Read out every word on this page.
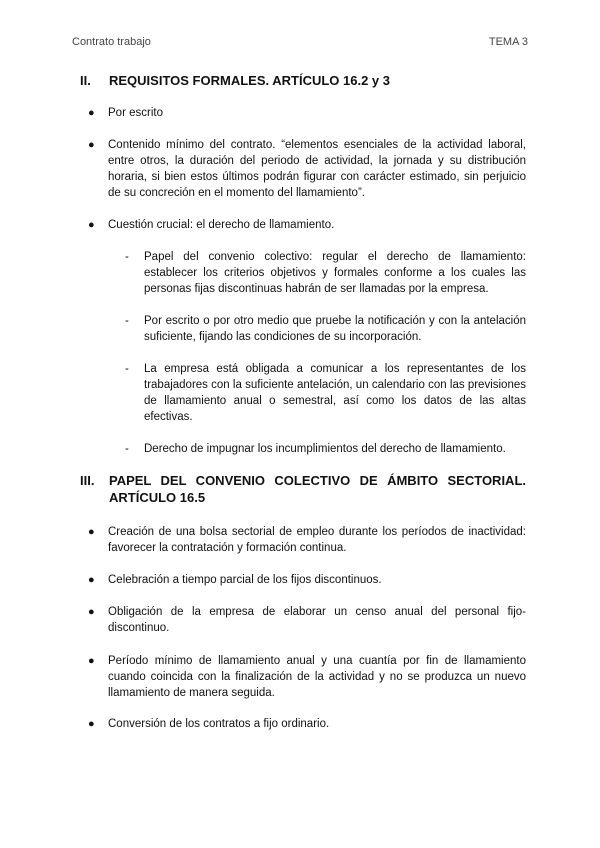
Contrato trabajo	TEMA 3
II. REQUISITOS FORMALES. ARTÍCULO 16.2 y 3
● Por escrito
● Contenido mínimo del contrato. “elementos esenciales de la actividad laboral, entre otros, la duración del periodo de actividad, la jornada y su distribución horaria, si bien estos últimos podrán figurar con carácter estimado, sin perjuicio de su concreción en el momento del llamamiento”.
● Cuestión crucial: el derecho de llamamiento.
- Papel del convenio colectivo: regular el derecho de llamamiento: establecer los criterios objetivos y formales conforme a los cuales las personas fijas discontinuas habrán de ser llamadas por la empresa.
- Por escrito o por otro medio que pruebe la notificación y con la antelación suficiente, fijando las condiciones de su incorporación.
- La empresa está obligada a comunicar a los representantes de los trabajadores con la suficiente antelación, un calendario con las previsiones de llamamiento anual o semestral, así como los datos de las altas efectivas.
- Derecho de impugnar los incumplimientos del derecho de llamamiento.
III. PAPEL DEL CONVENIO COLECTIVO DE ÁMBITO SECTORIAL. ARTÍCULO 16.5
● Creación de una bolsa sectorial de empleo durante los períodos de inactividad: favorecer la contratación y formación continua.
● Celebración a tiempo parcial de los fijos discontinuos.
● Obligación de la empresa de elaborar un censo anual del personal fijo-discontinuo.
● Período mínimo de llamamiento anual y una cuantía por fin de llamamiento cuando coincida con la finalización de la actividad y no se produzca un nuevo llamamiento de manera seguida.
● Conversión de los contratos a fijo ordinario.
